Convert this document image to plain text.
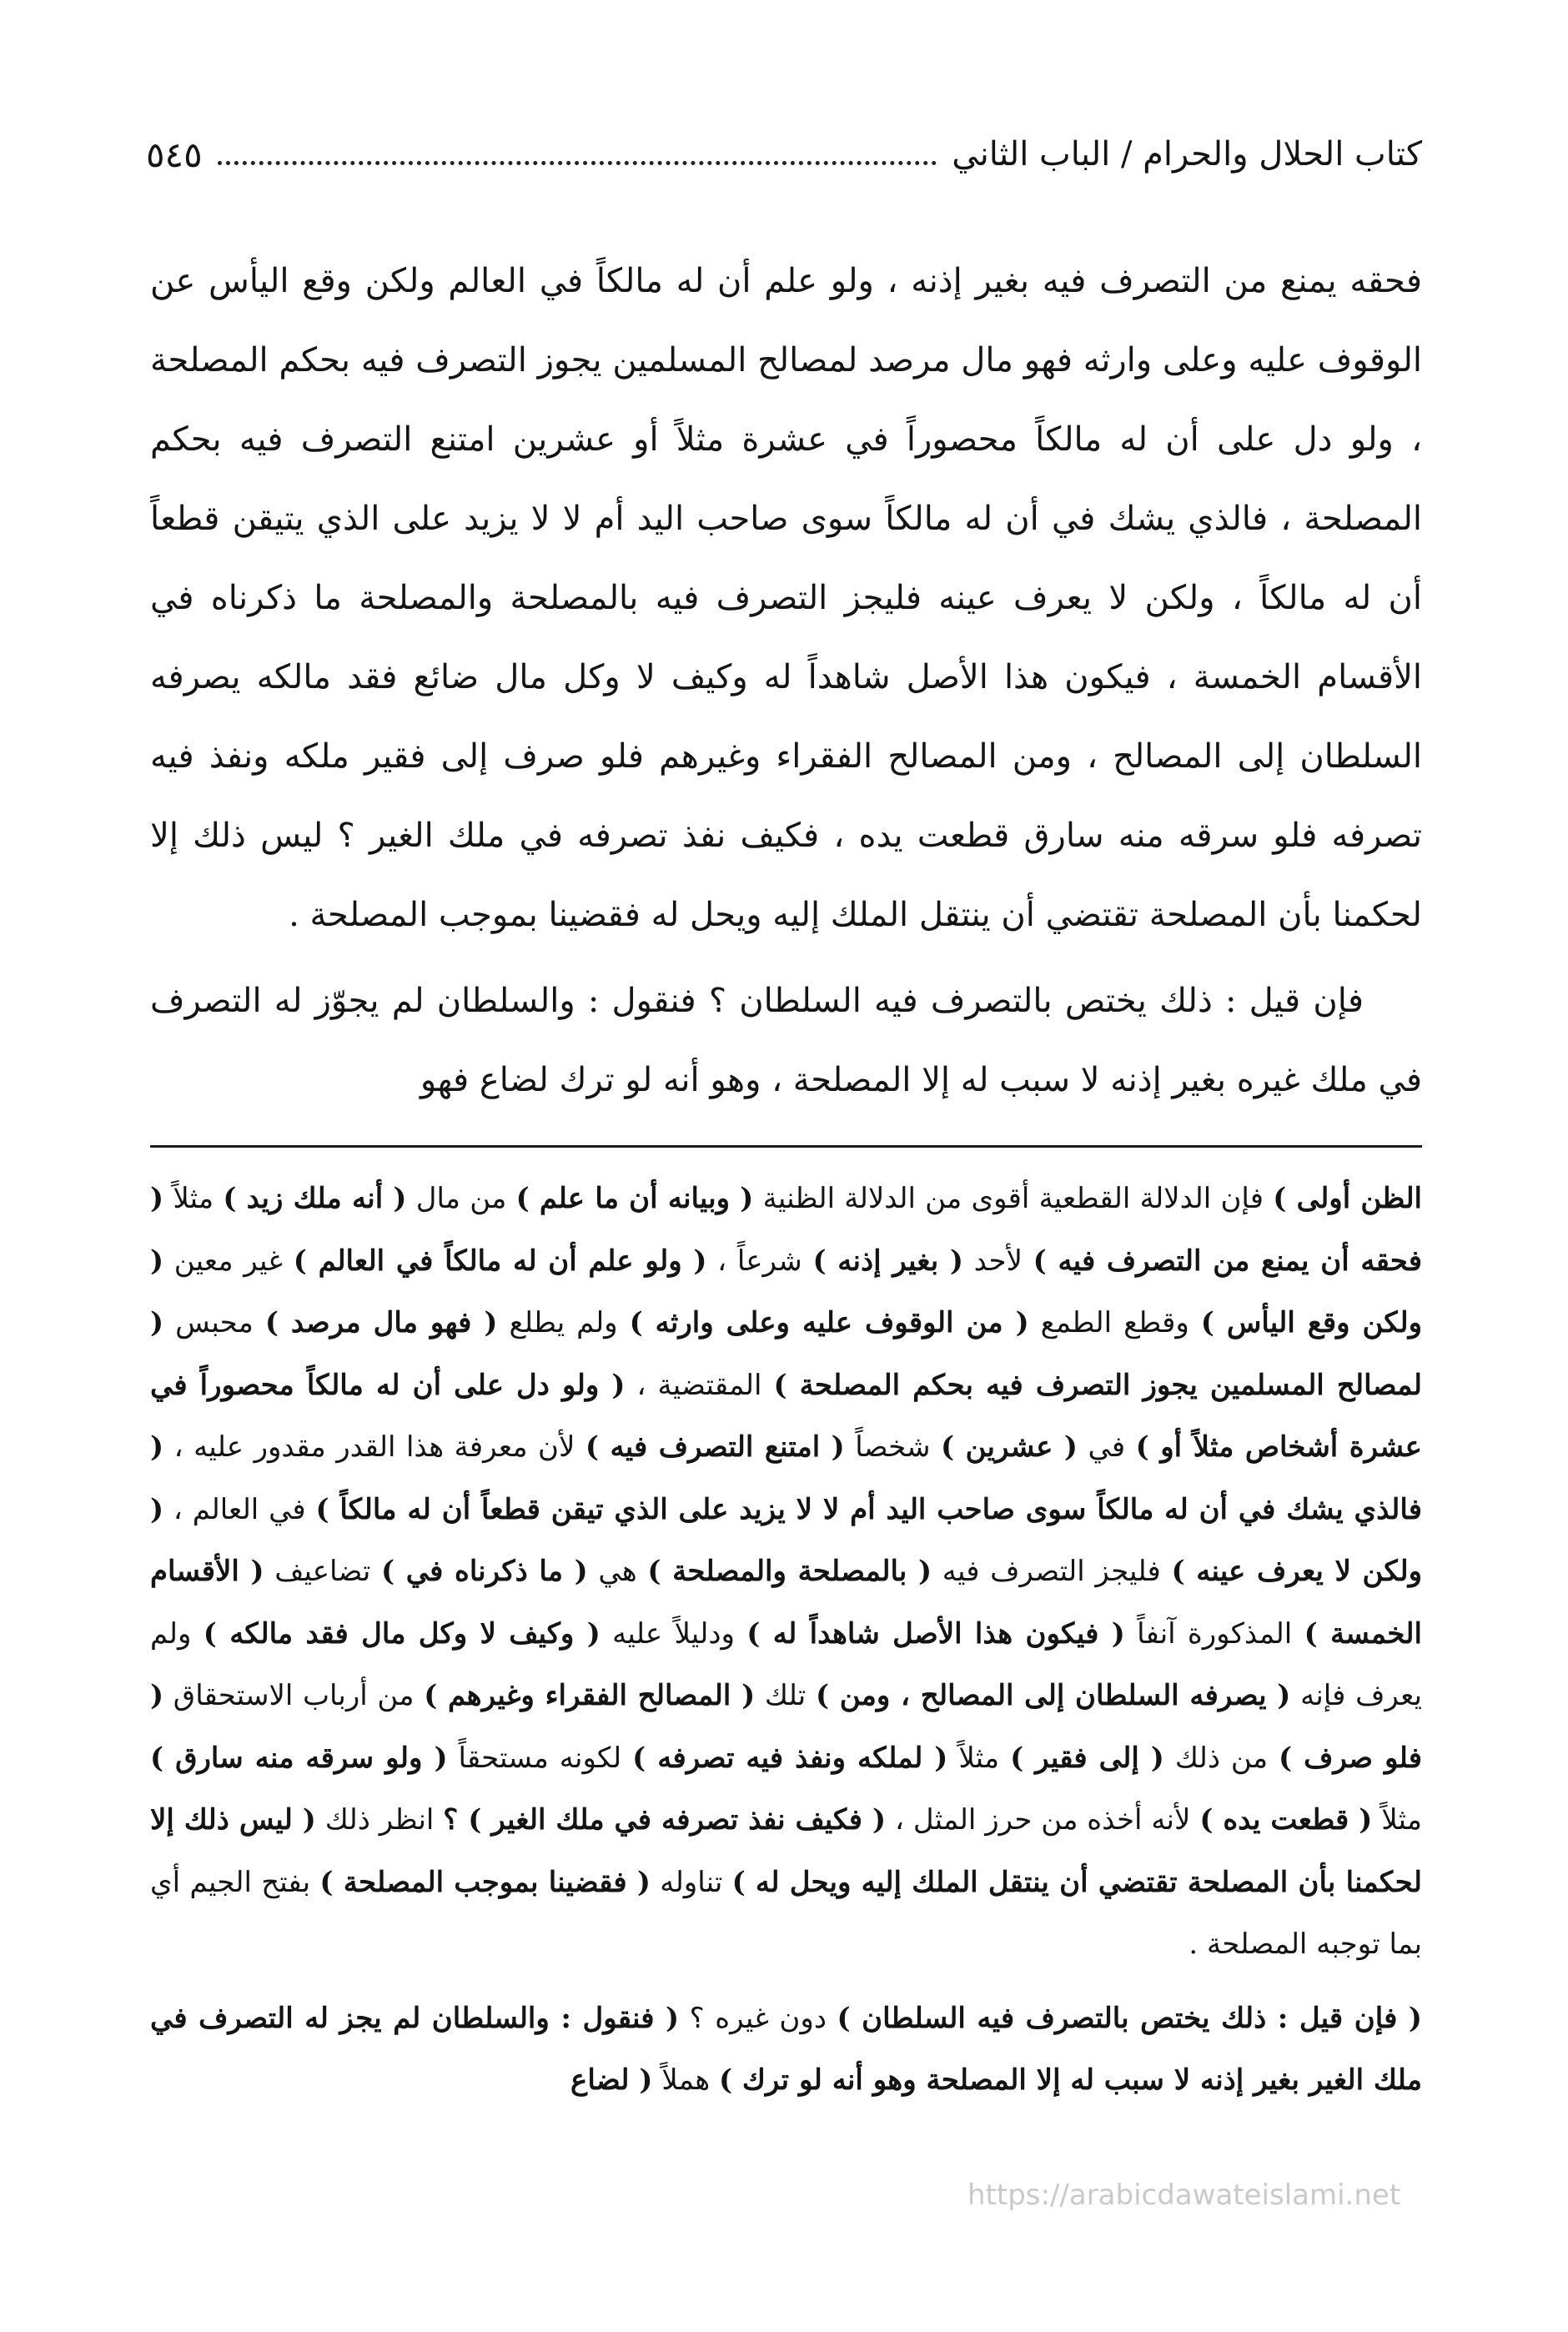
كتاب الحلال والحرام / الباب الثاني
٥٤٥

فحقه يمنع من التصرف فيه بغير إذنه ، ولو علم أن له مالكاً في العالم ولكن وقع اليأس عن الوقوف عليه وعلى وارثه فهو مال مرصد لمصالح المسلمين يجوز التصرف فيه بحكم المصلحة ، ولو دل على أن له مالكاً محصوراً في عشرة مثلاً أو عشرين امتنع التصرف فيه بحكم المصلحة ، فالذي يشك في أن له مالكاً سوى صاحب اليد أم لا لا يزيد على الذي يتيقن قطعاً أن له مالكاً ، ولكن لا يعرف عينه فليجز التصرف فيه بالمصلحة والمصلحة ما ذكرناه في الأقسام الخمسة ، فيكون هذا الأصل شاهداً له وكيف لا وكل مال ضائع فقد مالكه يصرفه السلطان إلى المصالح ، ومن المصالح الفقراء وغيرهم فلو صرف إلى فقير ملكه ونفذ فيه تصرفه فلو سرقه منه سارق قطعت يده ، فكيف نفذ تصرفه في ملك الغير ؟ ليس ذلك إلا لحكمنا بأن المصلحة تقتضي أن ينتقل الملك إليه ويحل له فقضينا بموجب المصلحة .

فإن قيل : ذلك يختص بالتصرف فيه السلطان ؟ فنقول : والسلطان لم يجوّز له التصرف في ملك غيره بغير إذنه لا سبب له إلا المصلحة ، وهو أنه لو ترك لضاع فهو

الظن أولى ) فإن الدلالة القطعية أقوى من الدلالة الظنية ( وبيانه أن ما علم ) من مال ( أنه ملك زيد ) مثلاً ( فحقه أن يمنع من التصرف فيه ) لأحد ( بغير إذنه ) شرعاً ، ( ولو علم أن له مالكاً في العالم ) غير معين ( ولكن وقع اليأس ) وقطع الطمع ( من الوقوف عليه وعلى وارثه ) ولم يطلع ( فهو مال مرصد ) محبس ( لمصالح المسلمين يجوز التصرف فيه بحكم المصلحة ) المقتضية ، ( ولو دل على أن له مالكاً محصوراً في عشرة أشخاص مثلاً أو ) في ( عشرين ) شخصاً ( امتنع التصرف فيه ) لأن معرفة هذا القدر مقدور عليه ، ( فالذي يشك في أن له مالكاً سوى صاحب اليد أم لا لا يزيد على الذي تيقن قطعاً أن له مالكاً ) في العالم ، ( ولكن لا يعرف عينه ) فليجز التصرف فيه ( بالمصلحة والمصلحة ) هي ( ما ذكرناه في ) تضاعيف ( الأقسام الخمسة ) المذكورة آنفاً ( فيكون هذا الأصل شاهداً له ) ودليلاً عليه ( وكيف لا وكل مال فقد مالكه ) ولم يعرف فإنه ( يصرفه السلطان إلى المصالح ، ومن ) تلك ( المصالح الفقراء وغيرهم ) من أرباب الاستحقاق ( فلو صرف ) من ذلك ( إلى فقير ) مثلاً ( لملكه ونفذ فيه تصرفه ) لكونه مستحقاً ( ولو سرقه منه سارق ) مثلاً ( قطعت يده ) لأنه أخذه من حرز المثل ، ( فكيف نفذ تصرفه في ملك الغير ) ؟ انظر ذلك ( ليس ذلك إلا لحكمنا بأن المصلحة تقتضي أن ينتقل الملك إليه ويحل له ) تناوله ( فقضينا بموجب المصلحة ) بفتح الجيم أي بما توجبه المصلحة .

( فإن قيل : ذلك يختص بالتصرف فيه السلطان ) دون غيره ؟ ( فنقول : والسلطان لم يجز له التصرف في ملك الغير بغير إذنه لا سبب له إلا المصلحة وهو أنه لو ترك ) هملاً ( لضاع

https://arabicdawateislami.net
